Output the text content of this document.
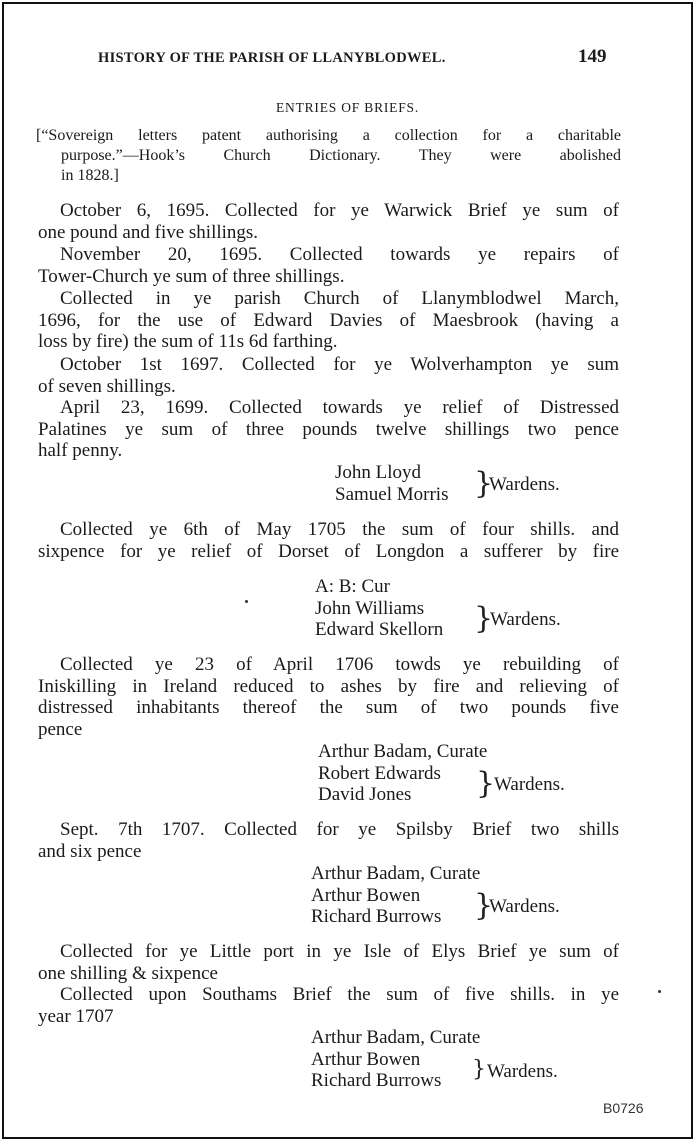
HISTORY OF THE PARISH OF LLANYBLODWEL.	149
ENTRIES OF BRIEFS.
[“Sovereign letters patent authorising a collection for a charitable
purpose.”—Hook’s Church Dictionary. They were abolished
in 1828.]
October 6, 1695. Collected for ye Warwick Brief ye sum of
one pound and five shillings.
November 20, 1695. Collected towards ye repairs of
Tower-Church ye sum of three shillings.
Collected in ye parish Church of Llanymblodwel March,
1696, for the use of Edward Davies of Maesbrook (having a
loss by fire) the sum of 11s 6d farthing.
October 1st 1697. Collected for ye Wolverhampton ye sum
of seven shillings.
April 23, 1699. Collected towards ye relief of Distressed
Palatines ye sum of three pounds twelve shillings two pence
half penny.
John Lloyd
Samuel Morris }
Wardens.
Collected ye 6th of May 1705 the sum of four shills. and
sixpence for ye relief of Dorset of Longdon a sufferer by fire
A: B: Cur
John Williams
Edward Skellorn }
Wardens.
Collected ye 23 of April 1706 towds ye rebuilding of
Iniskilling in Ireland reduced to ashes by fire and relieving of
distressed inhabitants thereof the sum of two pounds five
pence
Arthur Badam, Curate
Robert Edwards
David Jones	}
Wardens.
Sept. 7th 1707. Collected for ye Spilsby Brief two shills
and six pence
Arthur Badam, Curate
Arthur Bowen
Richard Burrows	}
Wardens.
Collected for ye Little port in ye Isle of Elys Brief ye sum of
one shilling & sixpence
Collected upon Southams Brief the sum of five shills. in ye
year 1707
Arthur Badam, Curate
Arthur Bowen
Richard Burrows	} Wardens.
B0726
